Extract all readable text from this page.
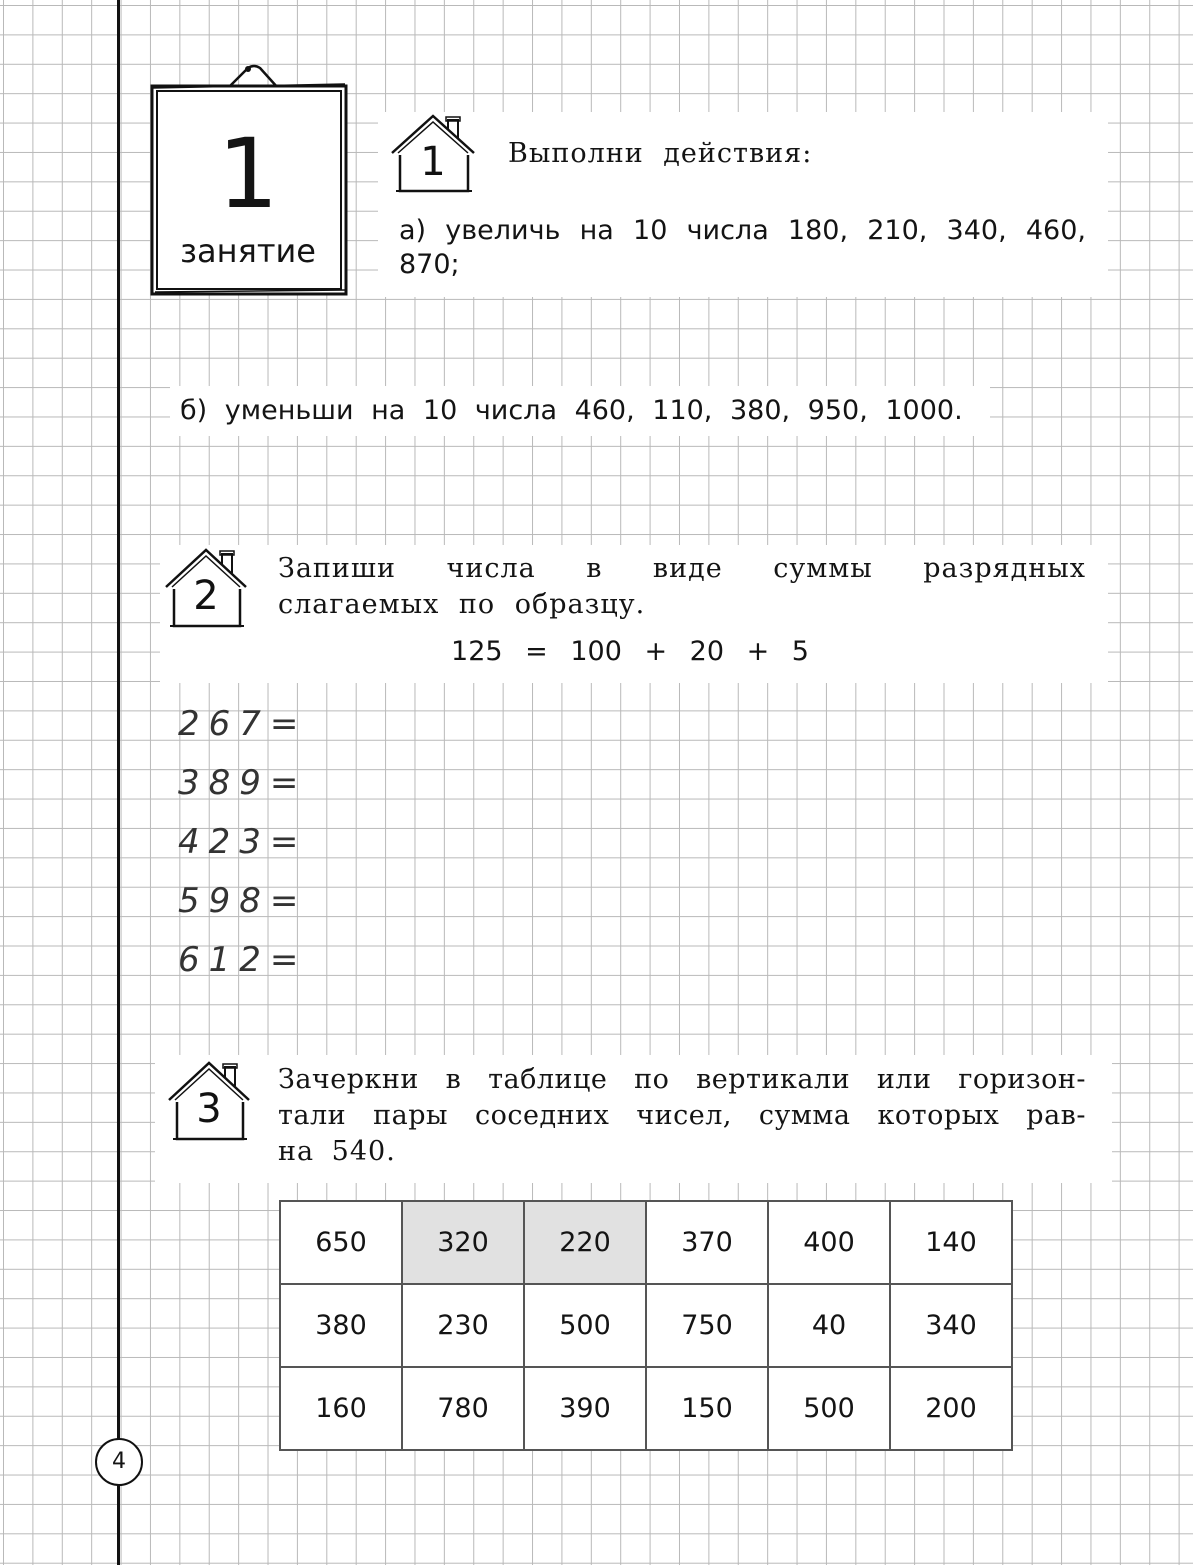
1
занятие
1	Выполни действия:
а) увеличь на 10 числа 180, 210, 340, 460,
870;
б) уменьши на 10 числа 460, 110, 380, 950, 1000.
2
Запиши числа в виде суммы разрядных
слагаемых по образцу.
125 = 100 + 20 + 5
267=
389=
423=
598=
612=
3
Зачеркни в таблице по вертикали или горизон-
тали пары соседних чисел, сумма которых рав-
на 540.
650	320	220	370	400	140
380	230	500	750	40	340
160	780	390	150	500	200
4
